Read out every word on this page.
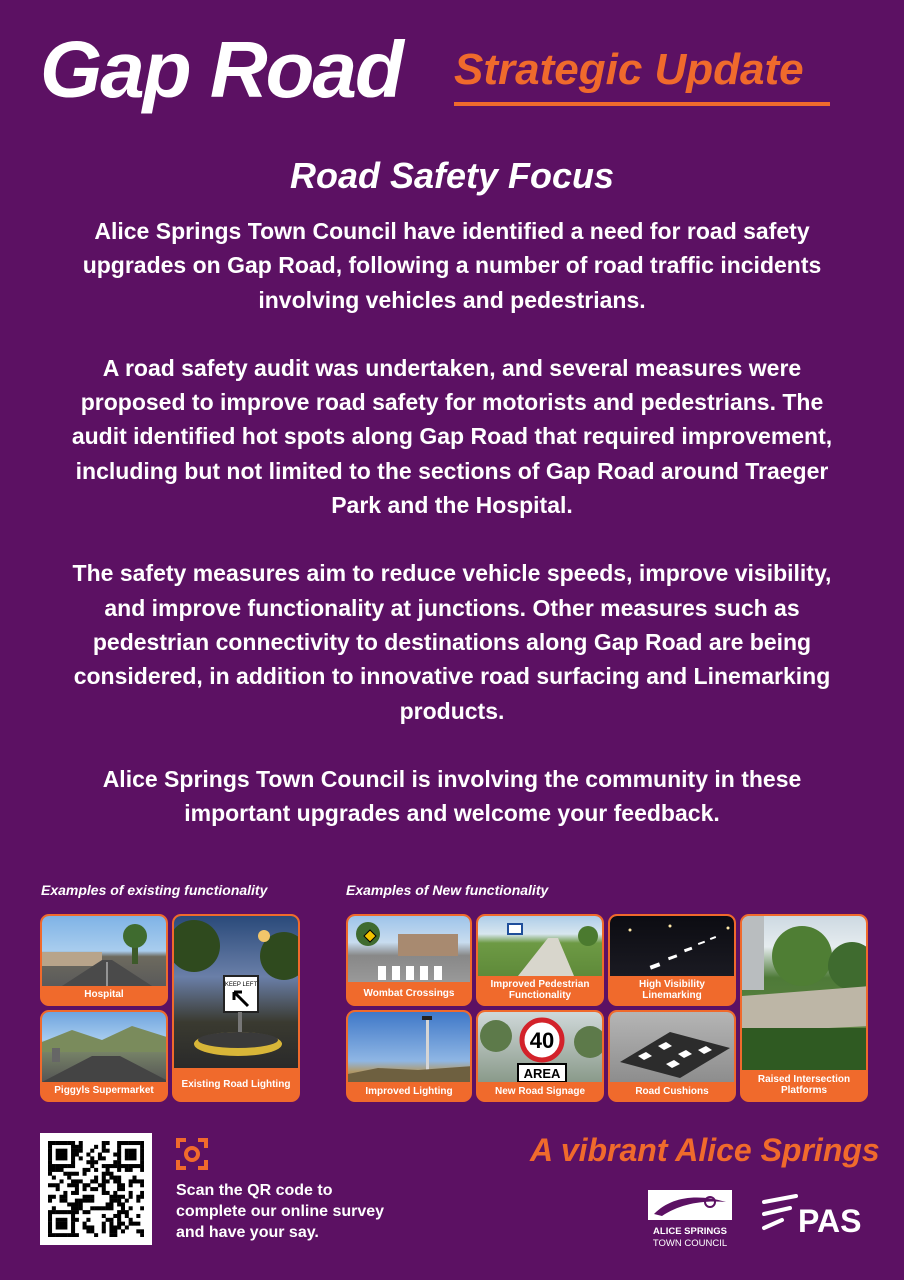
Gap Road Strategic Update
Road Safety Focus

Alice Springs Town Council have identified a need for road safety upgrades on Gap Road, following a number of road traffic incidents involving vehicles and pedestrians.

A road safety audit was undertaken, and several measures were proposed to improve road safety for motorists and pedestrians. The audit identified hot spots along Gap Road that required improvement, including but not limited to the sections of Gap Road around Traeger Park and the Hospital.

The safety measures aim to reduce vehicle speeds, improve visibility, and improve functionality at junctions. Other measures such as pedestrian connectivity to destinations along Gap Road are being considered, in addition to innovative road surfacing and Linemarking products.

Alice Springs Town Council is involving the community in these important upgrades and welcome your feedback.

Examples of existing functionality	Examples of New functionality
Hospital
Piggyls Supermarket
KEEP LEFT
Existing Road Lighting
Wombat Crossings
Improved Pedestrian Functionality
High Visibility Linemarking
Raised Intersection Platforms
Improved Lighting
40
AREA
New Road Signage	Road Cushions
Scan the QR code to complete our online survey and have your say.
A vibrant Alice Springs
ALICE SPRINGS
TOWN COUNCIL
PAS
